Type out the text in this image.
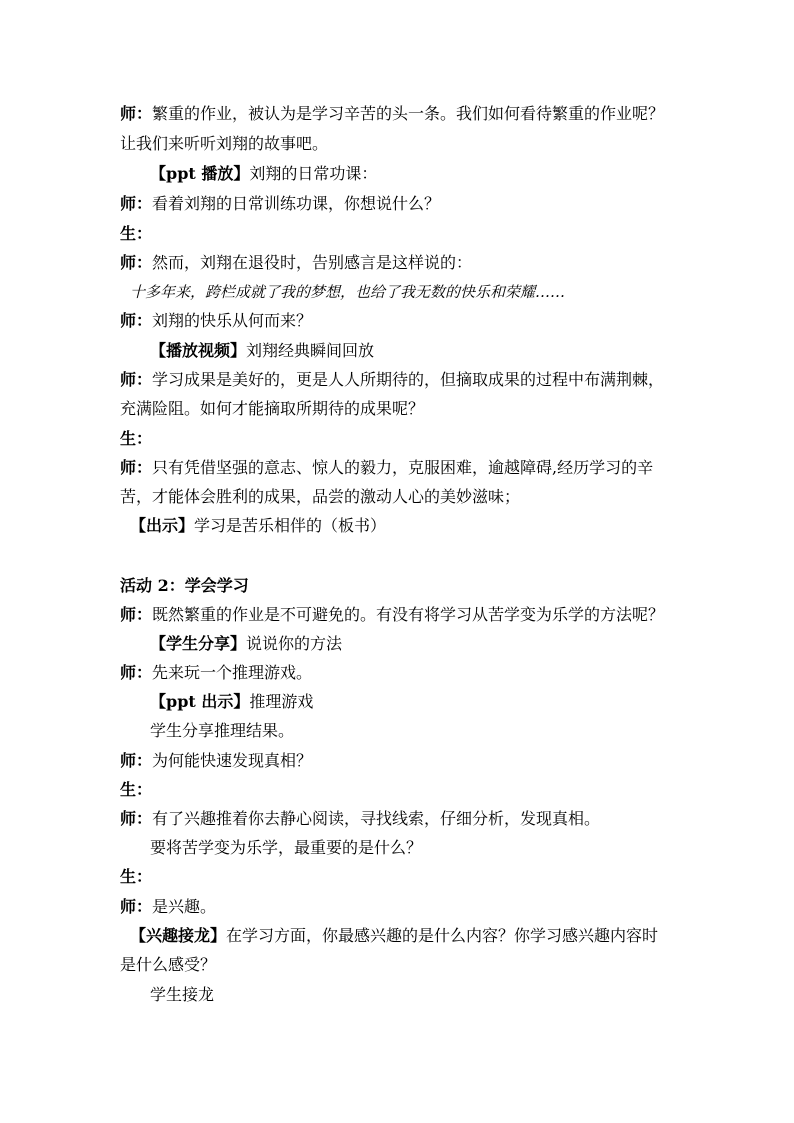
师：繁重的作业，被认为是学习辛苦的头一条。我们如何看待繁重的作业呢？
让我们来听听刘翔的故事吧。
【ppt 播放】刘翔的日常功课：
师：看着刘翔的日常训练功课，你想说什么？
生：
师：然而，刘翔在退役时，告别感言是这样说的：
十多年来，跨栏成就了我的梦想，也给了我无数的快乐和荣耀……
师：刘翔的快乐从何而来？
【播放视频】刘翔经典瞬间回放
师：学习成果是美好的，更是人人所期待的，但摘取成果的过程中布满荆棘，
充满险阻。如何才能摘取所期待的成果呢？
生：
师：只有凭借坚强的意志、惊人的毅力，克服困难，逾越障碍,经历学习的辛
苦，才能体会胜利的成果，品尝的激动人心的美妙滋味；
【出示】学习是苦乐相伴的（板书）
活动 2：学会学习
师：既然繁重的作业是不可避免的。有没有将学习从苦学变为乐学的方法呢？
【学生分享】说说你的方法
师：先来玩一个推理游戏。
【ppt 出示】推理游戏
学生分享推理结果。
师：为何能快速发现真相？
生：
师：有了兴趣推着你去静心阅读，寻找线索，仔细分析，发现真相。
要将苦学变为乐学，最重要的是什么？
生：
师：是兴趣。
【兴趣接龙】在学习方面，你最感兴趣的是什么内容？你学习感兴趣内容时
是什么感受？
学生接龙
